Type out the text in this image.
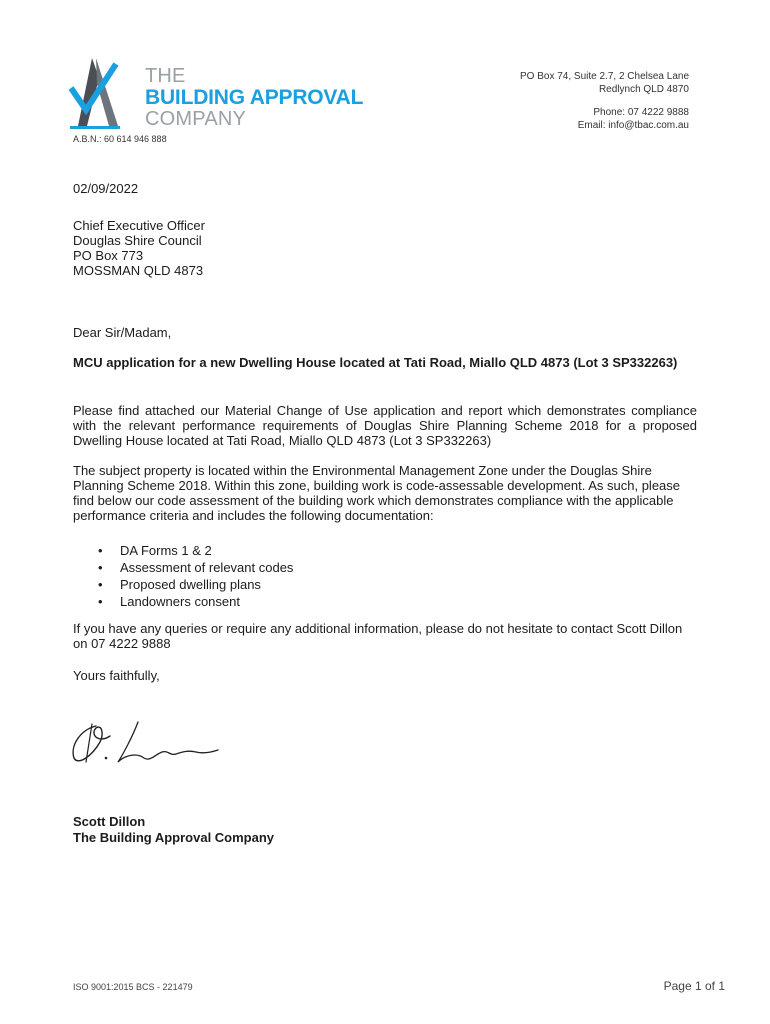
THE
BUILDING APPROVAL
COMPANY
A.B.N.: 60 614 946 888
PO Box 74, Suite 2.7, 2 Chelsea Lane
Redlynch QLD 4870
Phone: 07 4222 9888
Email: info@tbac.com.au
02/09/2022
Chief Executive Officer
Douglas Shire Council
PO Box 773
MOSSMAN QLD 4873
Dear Sir/Madam,
MCU application for a new Dwelling House located at Tati Road, Miallo QLD 4873 (Lot 3 SP332263)
Please find attached our Material Change of Use application and report which demonstrates compliance with the relevant performance requirements of Douglas Shire Planning Scheme 2018 for a proposed Dwelling House located at Tati Road, Miallo QLD 4873 (Lot 3 SP332263)
The subject property is located within the Environmental Management Zone under the Douglas Shire Planning Scheme 2018. Within this zone, building work is code-assessable development. As such, please find below our code assessment of the building work which demonstrates compliance with the applicable performance criteria and includes the following documentation:
• DA Forms 1 & 2
• Assessment of relevant codes
• Proposed dwelling plans
• Landowners consent
If you have any queries or require any additional information, please do not hesitate to contact Scott Dillon on 07 4222 9888
Yours faithfully,
Scott Dillon
The Building Approval Company
ISO 9001:2015 BCS - 221479	Page 1 of 1
